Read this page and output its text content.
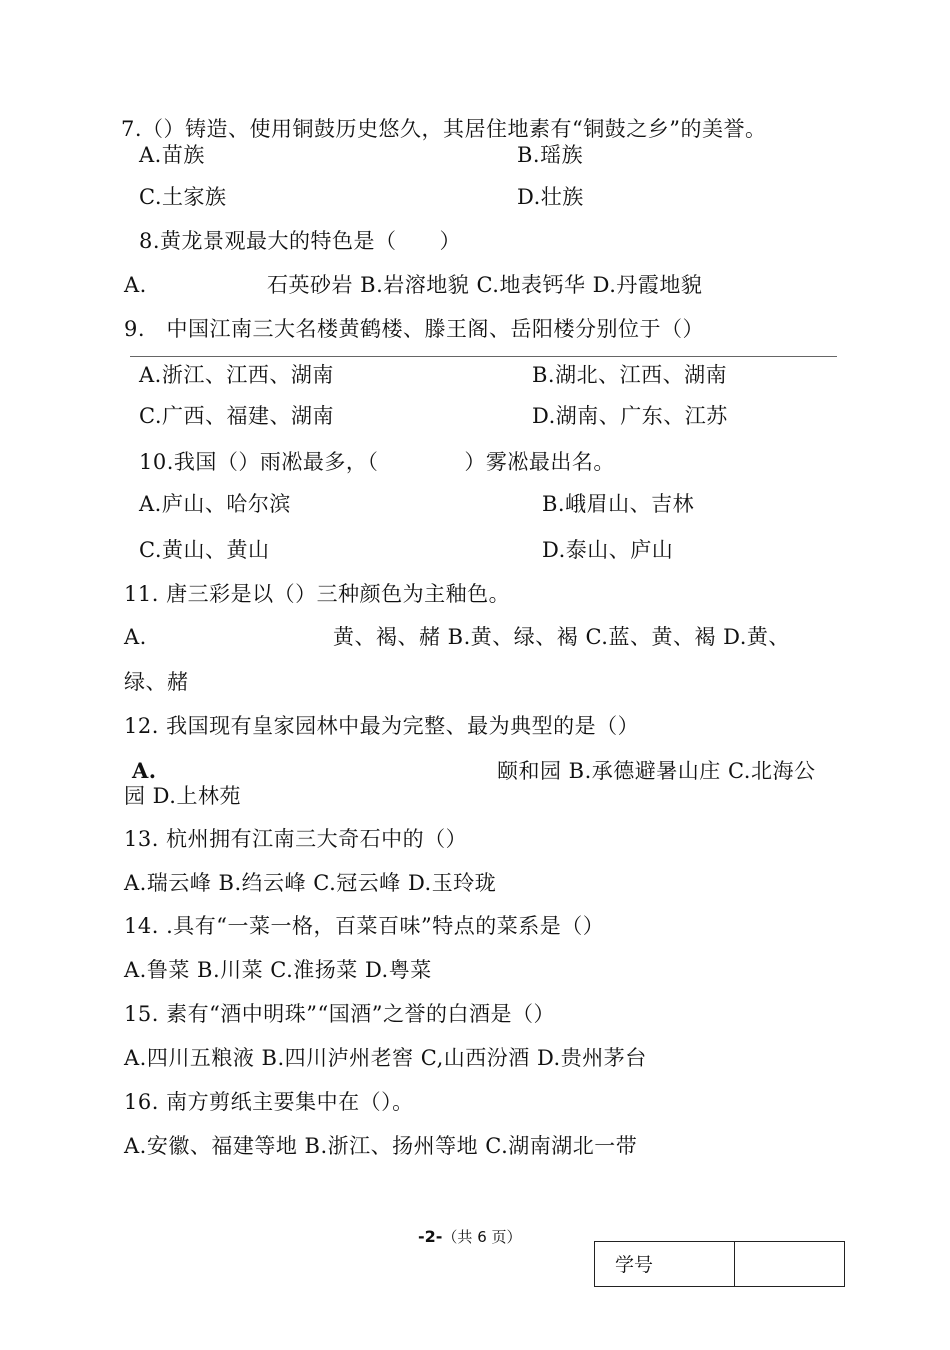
7.（）铸造、使用铜鼓历史悠久，其居住地素有“铜鼓之乡”的美誉。
A.苗族	B.瑶族
C.土家族	D.壮族
8.黄龙景观最大的特色是（　　）
A.	石英砂岩 B.岩溶地貌 C.地表钙华 D.丹霞地貌
9.　中国江南三大名楼黄鹤楼、滕王阁、岳阳楼分别位于（）
A.浙江、江西、湖南	B.湖北、江西、湖南
C.广西、福建、湖南	D.湖南、广东、江苏
10.我国（）雨凇最多，（　　　　）雾凇最出名。
A.庐山、哈尔滨	B.峨眉山、吉林
C.黄山、黄山	D.泰山、庐山
11. 唐三彩是以（）三种颜色为主釉色。
A.	黄、褐、赭 B.黄、绿、褐 C.蓝、黄、褐 D.黄、
绿、赭
12. 我国现有皇家园林中最为完整、最为典型的是（）
A.	颐和园 B.承德避暑山庄 C.北海公
园 D.上林苑
13. 杭州拥有江南三大奇石中的（）
A.瑞云峰 B.绉云峰 C.冠云峰 D.玉玲珑
14. .具有“一菜一格，百菜百味”特点的菜系是（）
A.鲁菜 B.川菜 C.淮扬菜 D.粤菜
15. 素有“酒中明珠”“国酒”之誉的白酒是（）
A.四川五粮液 B.四川泸州老窖 C,山西汾酒 D.贵州茅台
16. 南方剪纸主要集中在（）。
A.安徽、福建等地 B.浙江、扬州等地 C.湖南湖北一带
-2-（共 6 页）
学号
